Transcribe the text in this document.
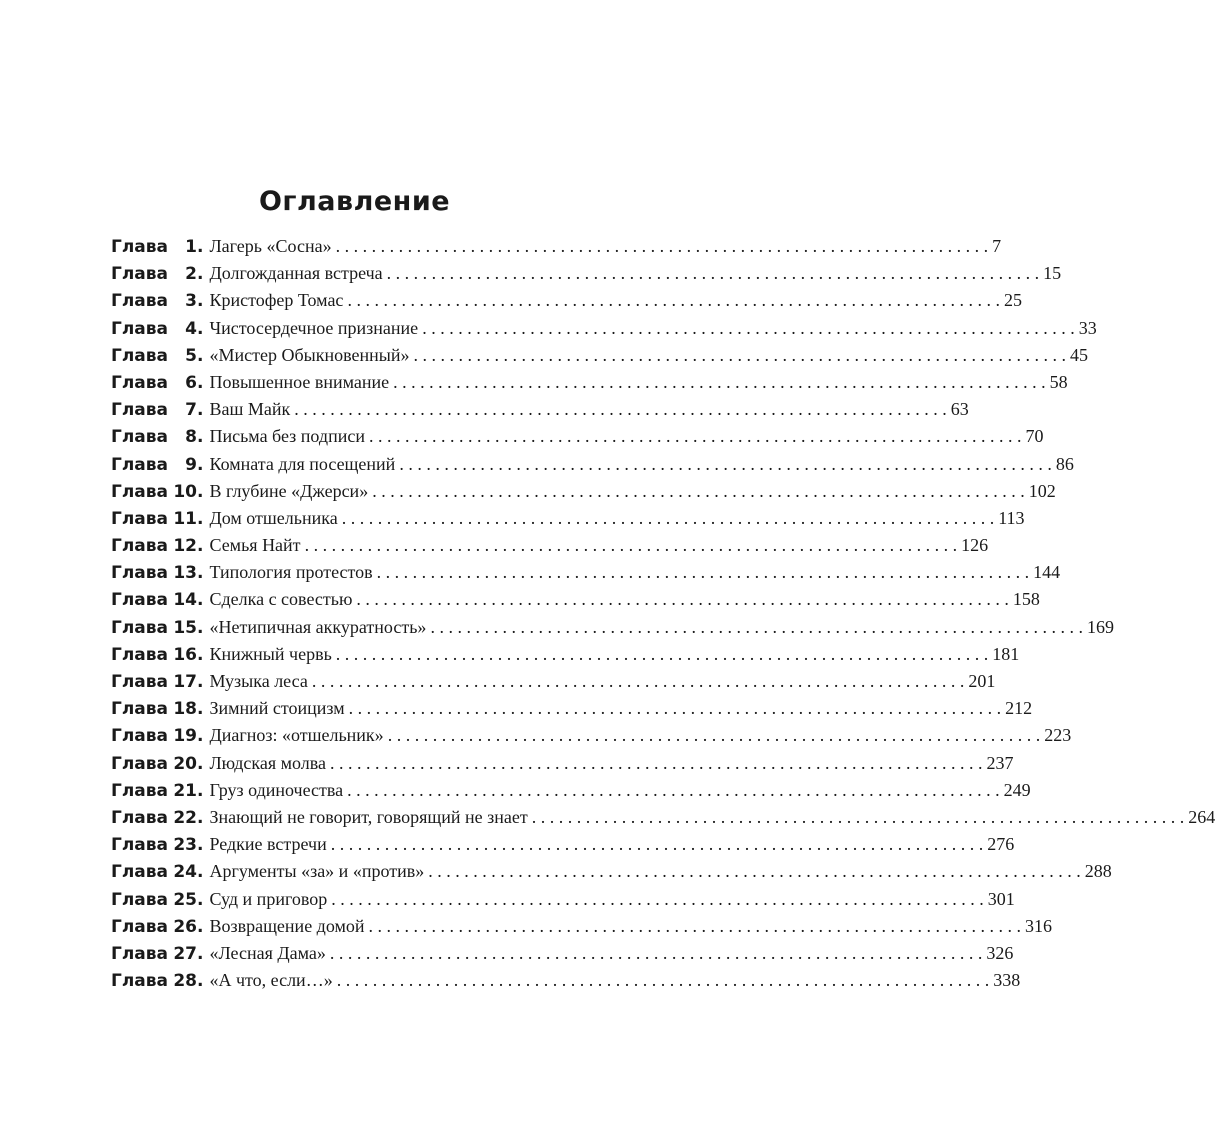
Оглавление
Глава	1 . Лагерь «Сосна» . . .	7
Глава	2 . Долгожданная встреча . . .	15
Глава	3 . Кристофер Томас . . .	25
Глава	4 . Чистосердечное признание . . .	33
Глава	5 . «Мистер Обыкновенный» . . .	45
Глава	6 . Повышенное внимание . . .	58
Глава	7 . Ваш Майк . . .	63
Глава	8 . Письма без подписи . . .	70
Глава	9 . Комната для посещений . . .	86
Глава 10 . В глубине «Джерси» . . .	102
Глава 11 . Дом отшельника . . .	113
Глава 12 . Семья Найт . . .	126
Глава 13 . Типология протестов . . .	144
Глава 14 . Сделка с совестью . . .	158
Глава 15 . «Нетипичная аккуратность» . . .	169
Глава 16 . Книжный червь . . .	181
Глава 17 . Музыка леса . . .	201
Глава 18 . Зимний стоицизм . . .	212
Глава 19 . Диагноз: «отшельник» . . .	223
Глава 20 . Людская молва . . .	237
Глава 21 . Груз одиночества . . .	249
Глава 22 . Знающий не говорит, говорящий не знает . . .	264
Глава 23 . Редкие встречи . . .	276
Глава 24 . Аргументы «за» и «против» . . .	288
Глава 25 . Суд и приговор . . .	301
Глава 26 . Возвращение домой . . .	316
Глава 27 . «Лесная Дама» . . .	326
Глава 28 . «А что, если…» . . .	338
